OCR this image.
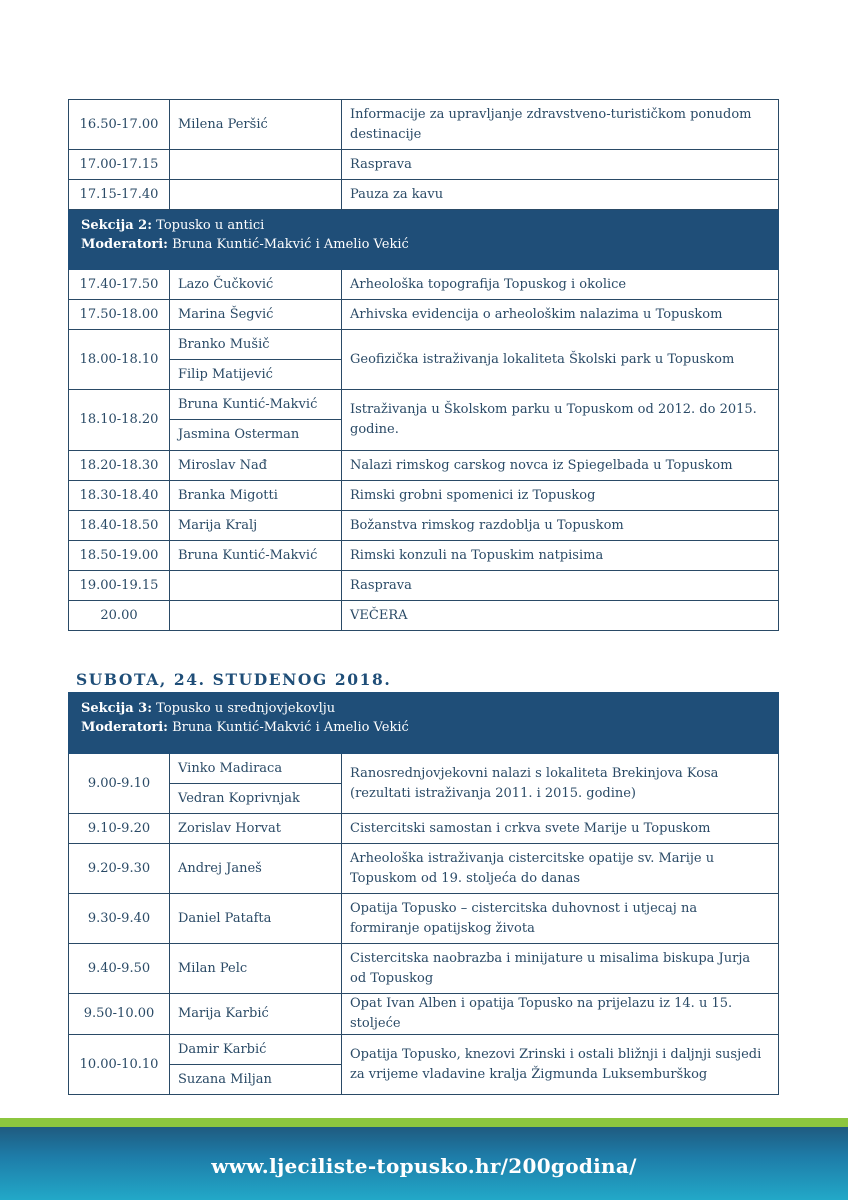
16.50-17.00	Milena Peršić	Informacije za upravljanje zdravstveno-turističkom ponudom destinacije
17.00-17.15		Rasprava
17.15-17.40		Pauza za kavu

Sekcija 2: Topusko u antici
Moderatori: Bruna Kuntić-Makvić i Amelio Vekić		

17.40-17.50	Lazo Čučković	Arheološka topografija Topuskog i okolice
17.50-18.00	Marina Šegvić	Arhivska evidencija o arheološkim nalazima u Topuskom
18.00-18.10	Branko Mušič	Geofizička istraživanja lokaliteta Školski park u Topuskom
	Filip Matijević	
18.10-18.20	Bruna Kuntić-Makvić	Istraživanja u Školskom parku u Topuskom od 2012. do 2015. godine.
	Jasmina Osterman	
18.20-18.30	Miroslav Nađ	Nalazi rimskog carskog novca iz Spiegelbada u Topuskom
18.30-18.40	Branka Migotti	Rimski grobni spomenici iz Topuskog
18.40-18.50	Marija Kralj	Božanstva rimskog razdoblja u Topuskom
18.50-19.00	Bruna Kuntić-Makvić	Rimski konzuli na Topuskim natpisima
19.00-19.15		Rasprava
20.00		VEČERA
SUBOTA, 24. STUDENOG 2018.
Sekcija 3: Topusko u srednjovjekovlju
Moderatori: Bruna Kuntić-Makvić i Amelio Vekić		

9.00-9.10	Vinko Madiraca	Ranosrednjovjekovni nalazi s lokaliteta Brekinjova Kosa (rezultati istraživanja 2011. i 2015. godine)
	Vedran Koprivnjak	
9.10-9.20	Zorislav Horvat	Cistercitski samostan i crkva svete Marije u Topuskom
9.20-9.30	Andrej Janeš	Arheološka istraživanja cistercitske opatije sv. Marije u Topuskom od 19. stoljeća do danas
9.30-9.40	Daniel Patafta	Opatija Topusko – cistercitska duhovnost i utjecaj na formiranje opatijskog života
9.40-9.50	Milan Pelc	Cistercitska naobrazba i minijature u misalima biskupa Jurja od Topuskog
9.50-10.00	Marija Karbić	Opat Ivan Alben i opatija Topusko na prijelazu iz 14. u 15. stoljeće
10.00-10.10	Damir Karbić	Opatija Topusko, knezovi Zrinski i ostali bližnji i daljnji susjedi za vrijeme vladavine kralja Žigmunda Luksemburškog
	Suzana Miljan	
www.ljeciliste-topusko.hr/200godina/
